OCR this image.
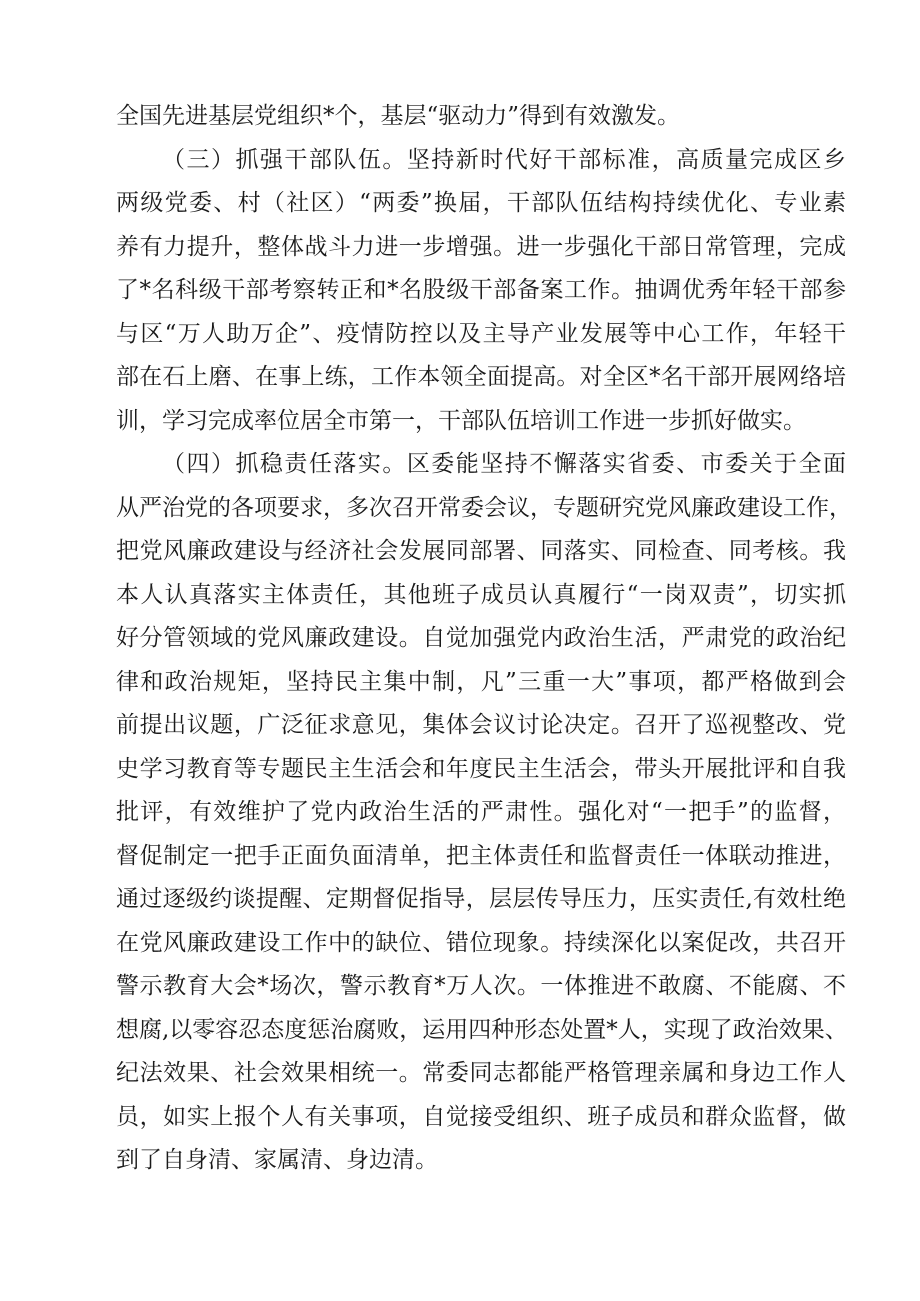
全国先进基层党组织*个，基层“驱动力”得到有效激发。
（三）抓强干部队伍。坚持新时代好干部标准，高质量完成区乡
两级党委、村（社区）“两委”换届，干部队伍结构持续优化、专业素
养有力提升，整体战斗力进一步增强。进一步强化干部日常管理，完成
了*名科级干部考察转正和*名股级干部备案工作。抽调优秀年轻干部参
与区“万人助万企”、疫情防控以及主导产业发展等中心工作，年轻干
部在石上磨、在事上练，工作本领全面提高。对全区*名干部开展网络培
训，学习完成率位居全市第一，干部队伍培训工作进一步抓好做实。
（四）抓稳责任落实。区委能坚持不懈落实省委、市委关于全面
从严治党的各项要求，多次召开常委会议，专题研究党风廉政建设工作，
把党风廉政建设与经济社会发展同部署、同落实、同检查、同考核。我
本人认真落实主体责任，其他班子成员认真履行“一岗双责”，切实抓
好分管领域的党风廉政建设。自觉加强党内政治生活，严肃党的政治纪
律和政治规矩，坚持民主集中制，凡”三重一大”事项，都严格做到会
前提出议题，广泛征求意见，集体会议讨论决定。召开了巡视整改、党
史学习教育等专题民主生活会和年度民主生活会，带头开展批评和自我
批评，有效维护了党内政治生活的严肃性。强化对“一把手”的监督，
督促制定一把手正面负面清单，把主体责任和监督责任一体联动推进，
通过逐级约谈提醒、定期督促指导，层层传导压力，压实责任,有效杜绝
在党风廉政建设工作中的缺位、错位现象。持续深化以案促改，共召开
警示教育大会*场次，警示教育*万人次。一体推进不敢腐、不能腐、不
想腐,以零容忍态度惩治腐败，运用四种形态处置*人，实现了政治效果、
纪法效果、社会效果相统一。常委同志都能严格管理亲属和身边工作人
员，如实上报个人有关事项，自觉接受组织、班子成员和群众监督，做
到了自身清、家属清、身边清。
